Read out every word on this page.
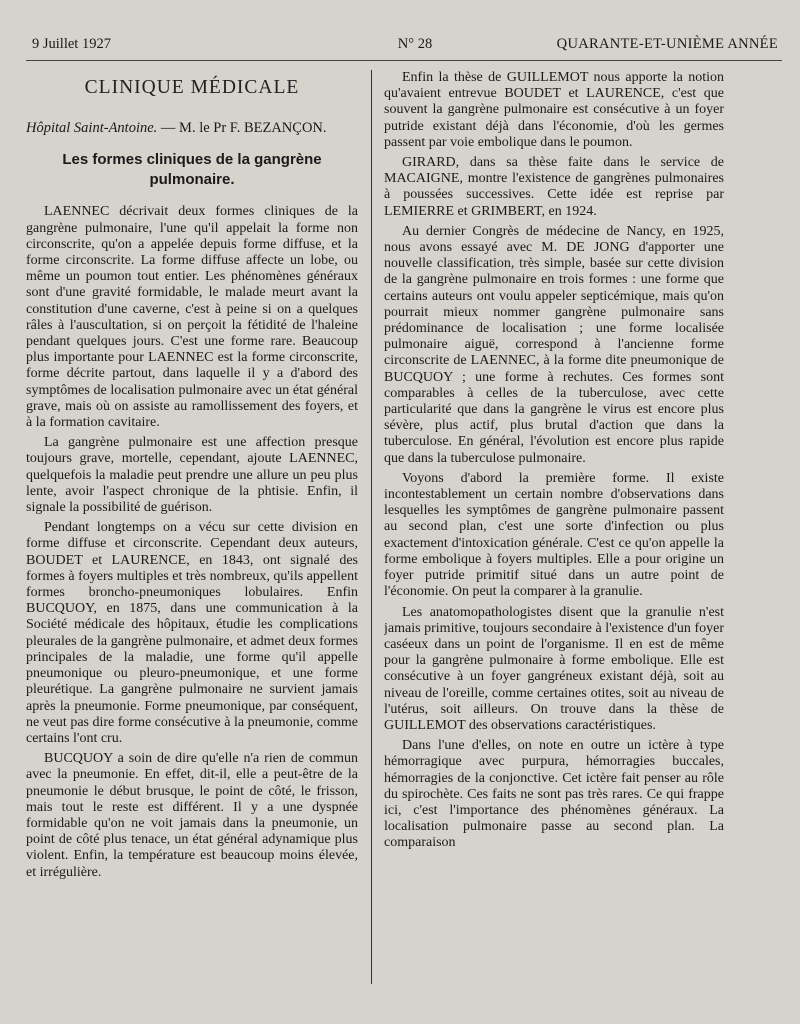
9 Juillet 1927	N° 28	QUARANTE-ET-UNIÈME ANNÉE
CLINIQUE MÉDICALE
Hôpital Saint-Antoine. — M. le Pr F. BEZANÇON.
Les formes cliniques de la gangrène pulmonaire.

LAENNEC décrivait deux formes cliniques de la gangrène pulmonaire, l'une qu'il appelait la forme non circonscrite, qu'on a appelée depuis forme diffuse, et la forme circonscrite. La forme diffuse affecte un lobe, ou même un poumon tout entier. Les phénomènes généraux sont d'une gravité formidable, le malade meurt avant la constitution d'une caverne, c'est à peine si on a quelques râles à l'auscultation, si on perçoit la fétidité de l'haleine pendant quelques jours. C'est une forme rare. Beaucoup plus importante pour LAENNEC est la forme circonscrite, forme décrite partout, dans laquelle il y a d'abord des symptômes de localisation pulmonaire avec un état général grave, mais où on assiste au ramollissement des foyers, et à la formation cavitaire.

La gangrène pulmonaire est une affection presque toujours grave, mortelle, cependant, ajoute LAENNEC, quelquefois la maladie peut prendre une allure un peu plus lente, avoir l'aspect chronique de la phtisie. Enfin, il signale la possibilité de guérison.

Pendant longtemps on a vécu sur cette division en forme diffuse et circonscrite. Cependant deux auteurs, BOUDET et LAURENCE, en 1843, ont signalé des formes à foyers multiples et très nombreux, qu'ils appellent formes broncho-pneumoniques lobulaires. Enfin BUCQUOY, en 1875, dans une communication à la Société médicale des hôpitaux, étudie les complications pleurales de la gangrène pulmonaire, et admet deux formes principales de la maladie, une forme qu'il appelle pneumonique ou pleuro-pneumonique, et une forme pleurétique. La gangrène pulmonaire ne survient jamais après la pneumonie. Forme pneumonique, par conséquent, ne veut pas dire forme consécutive à la pneumonie, comme certains l'ont cru.

BUCQUOY a soin de dire qu'elle n'a rien de commun avec la pneumonie. En effet, dit-il, elle a peut-être de la pneumonie le début brusque, le point de côté, le frisson, mais tout le reste est différent. Il y a une dyspnée formidable qu'on ne voit jamais dans la pneumonie, un point de côté plus tenace, un état général adynamique plus violent. Enfin, la température est beaucoup moins élevée, et irrégulière.

Enfin la thèse de GUILLEMOT nous apporte la notion qu'avaient entrevue BOUDET et LAURENCE, c'est que souvent la gangrène pulmonaire est consécutive à un foyer putride existant déjà dans l'économie, d'où les germes passent par voie embolique dans le poumon.

GIRARD, dans sa thèse faite dans le service de MACAIGNE, montre l'existence de gangrènes pulmonaires à poussées successives. Cette idée est reprise par LEMIERRE et GRIMBERT, en 1924.

Au dernier Congrès de médecine de Nancy, en 1925, nous avons essayé avec M. DE JONG d'apporter une nouvelle classification, très simple, basée sur cette division de la gangrène pulmonaire en trois formes : une forme que certains auteurs ont voulu appeler septicémique, mais qu'on pourrait mieux nommer gangrène pulmonaire sans prédominance de localisation ; une forme localisée pulmonaire aiguë, correspond à l'ancienne forme circonscrite de LAENNEC, à la forme dite pneumonique de BUCQUOY ; une forme à rechutes. Ces formes sont comparables à celles de la tuberculose, avec cette particularité que dans la gangrène le virus est encore plus sévère, plus actif, plus brutal d'action que dans la tuberculose. En général, l'évolution est encore plus rapide que dans la tuberculose pulmonaire.

Voyons d'abord la première forme. Il existe incontestablement un certain nombre d'observations dans lesquelles les symptômes de gangrène pulmonaire passent au second plan, c'est une sorte d'infection ou plus exactement d'intoxication générale. C'est ce qu'on appelle la forme embolique à foyers multiples. Elle a pour origine un foyer putride primitif situé dans un autre point de l'économie. On peut la comparer à la granulie.

Les anatomopathologistes disent que la granulie n'est jamais primitive, toujours secondaire à l'existence d'un foyer caséeux dans un point de l'organisme. Il en est de même pour la gangrène pulmonaire à forme embolique. Elle est consécutive à un foyer gangréneux existant déjà, soit au niveau de l'oreille, comme certaines otites, soit au niveau de l'utérus, soit ailleurs. On trouve dans la thèse de GUILLEMOT des observations caractéristiques.

Dans l'une d'elles, on note en outre un ictère à type hémorragique avec purpura, hémorragies buccales, hémorragies de la conjonctive. Cet ictère fait penser au rôle du spirochète. Ces faits ne sont pas très rares. Ce qui frappe ici, c'est l'importance des phénomènes généraux. La localisation pulmonaire passe au second plan. La comparaison
